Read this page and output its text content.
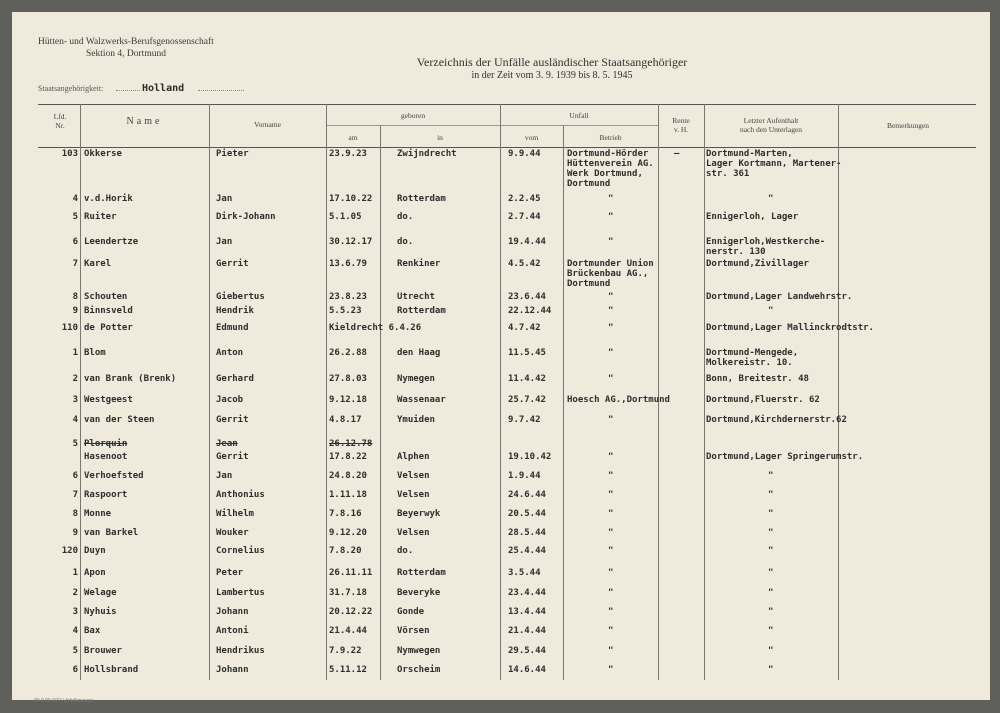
Hütten- und Walzwerks-Berufsgenossenschaft
Sektion 4, Dortmund
Verzeichnis der Unfälle ausländischer Staatsangehöriger
in der Zeit vom 3. 9. 1939 bis 8. 5. 1945
Staatsangehörigkeit:	Holland
Lfd.
Nr.	Name	Vorname
geboren
am	in
Unfall
vom	Betrieb
Rente
v. H.
Letzter Aufenthalt
nach den Unterlagen	Bemerkungen
103 Okkerse	Pieter	23.9.23	Zwijndrecht	9.9.44	Dortmund-Hörder
Hüttenverein AG.
Werk Dortmund,
Dortmund
—	Dortmund-Marten,
Lager Kortmann, Martener-
str. 361
4 v.d.Horik	Jan	17.10.22	Rotterdam	2.2.45	"	"
5 Ruiter	Dirk-Johann	5.1.05	do.	2.7.44	"	Ennigerloh, Lager
6 Leendertze	Jan	30.12.17	do.	19.4.44	"	Ennigerloh,Westkerche-
nerstr. 130
7 Karel	Gerrit	13.6.79	Renkiner	4.5.42	Dortmunder Union
Brückenbau AG.,
Dortmund
Dortmund,Zivillager
8 Schouten	Giebertus	23.8.23	Utrecht	23.6.44	"	Dortmund,Lager Landwehrstr.
9 Binnsveld	Hendrik	5.5.23	Rotterdam	22.12.44	"	"
110 de Potter	Edmund	Kieldrecht 6.4.26	4.7.42	"	Dortmund,Lager Mallinckrodtstr.
1 Blom	Anton	26.2.88	den Haag	11.5.45	"	Dortmund-Mengede,
Molkereistr. 10.
2 van Brank (Brenk)	Gerhard	27.8.03	Nymegen	11.4.42	"	Bonn, Breitestr. 48
3 Westgeest	Jacob	9.12.18	Wassenaar	25.7.42 Hoesch AG.,Dortmund	Dortmund,Fluerstr. 62
4 van der Steen	Gerrit	4.8.17	Ymuiden	9.7.42	"	Dortmund,Kirchdernerstr.62
5 Plorquin	Jean	26.12.78
Hasenoot	Gerrit	17.8.22	Alphen	19.10.42	"	Dortmund,Lager Springerumstr.
6 Verhoefsted	Jan	24.8.20	Velsen	1.9.44	"	"
7 Raspoort	Anthonius	1.11.18	Velsen	24.6.44	"	"
8 Monne	Wilhelm	7.8.16	Beyerwyk	20.5.44	"	"
9 van Barkel	Wouker	9.12.20	Velsen	28.5.44	"	"
120 Duyn	Cornelius	7.8.20	do.	25.4.44	"	"
1 Apon	Peter	26.11.11	Rotterdam	3.5.44	"	"
2 Welage	Lambertus	31.7.18	Beveryke	23.4.44	"	"
3 Nyhuis	Johann	20.12.22	Gonde	13.4.44	"	"
4 Bax	Antoni	21.4.44	Vörsen	21.4.44	"	"
5 Brouwer	Hendrikus	7.9.22	Nymwegen	29.5.44	"	"
6 Hollsbrand	Johann	5.11.12	Orscheim	14.6.44	"	"
80 0 00 3/37 Unfallanzeige
